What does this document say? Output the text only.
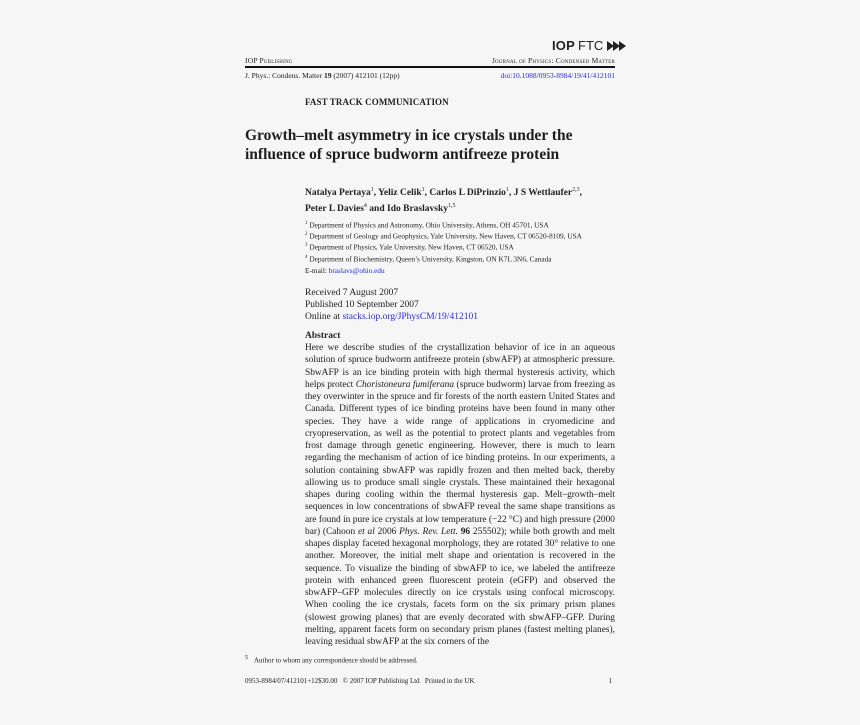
IOP FTC
IOP Publishing	Journal of Physics: Condensed Matter
J. Phys.: Condens. Matter 19 (2007) 412101 (12pp)	doi:10.1088/0953-8984/19/41/412101
FAST TRACK COMMUNICATION
Growth–melt asymmetry in ice crystals under the
influence of spruce budworm antifreeze protein
Natalya Pertaya$^1$, Yeliz Celik$^1$, Carlos L DiPrinzio$^1$, J S Wettlaufer$^{2,3}$,
Peter L Davies$^4$ and Ido Braslavsky$^{1,5}$
$^1$ Department of Physics and Astronomy, Ohio University, Athens, OH 45701, USA
$^2$ Department of Geology and Geophysics, Yale University, New Haven, CT 06520-8109, USA
$^3$ Department of Physics, Yale University, New Haven, CT 06520, USA
$^4$ Department of Biochemistry, Queen’s University, Kingston, ON K7L 3N6, Canada
E-mail: braslavs@ohio.edu
Received 7 August 2007
Published 10 September 2007
Online at stacks.iop.org/JPhysCM/19/412101
Abstract
Here we describe studies of the crystallization behavior of ice in an aqueous solution of spruce budworm antifreeze protein (sbwAFP) at atmospheric pressure. SbwAFP is an ice binding protein with high thermal hysteresis activity, which helps protect Choristoneura fumiferana (spruce budworm) larvae from freezing as they overwinter in the spruce and fir forests of the north eastern United States and Canada. Different types of ice binding proteins have been found in many other species. They have a wide range of applications in cryomedicine and cryopreservation, as well as the potential to protect plants and vegetables from frost damage through genetic engineering. However, there is much to learn regarding the mechanism of action of ice binding proteins. In our experiments, a solution containing sbwAFP was rapidly frozen and then melted back, thereby allowing us to produce small single crystals. These maintained their hexagonal shapes during cooling within the thermal hysteresis gap. Melt–growth–melt sequences in low concentrations of sbwAFP reveal the same shape transitions as are found in pure ice crystals at low temperature (−22 °C) and high pressure (2000 bar) (Cahoon et al 2006 Phys. Rev. Lett. 96 255502); while both growth and melt shapes display faceted hexagonal morphology, they are rotated 30° relative to one another. Moreover, the initial melt shape and orientation is recovered in the sequence. To visualize the binding of sbwAFP to ice, we labeled the antifreeze protein with enhanced green fluorescent protein (eGFP) and observed the sbwAFP–GFP molecules directly on ice crystals using confocal microscopy. When cooling the ice crystals, facets form on the six primary prism planes (slowest growing planes) that are evenly decorated with sbwAFP–GFP. During melting, apparent facets form on secondary prism planes (fastest melting planes), leaving residual sbwAFP at the six corners of the
$^5$ Author to whom any correspondence should be addressed.
0953-8984/07/412101+12$30.00   © 2007 IOP Publishing Ltd   Printed in the UK	1
